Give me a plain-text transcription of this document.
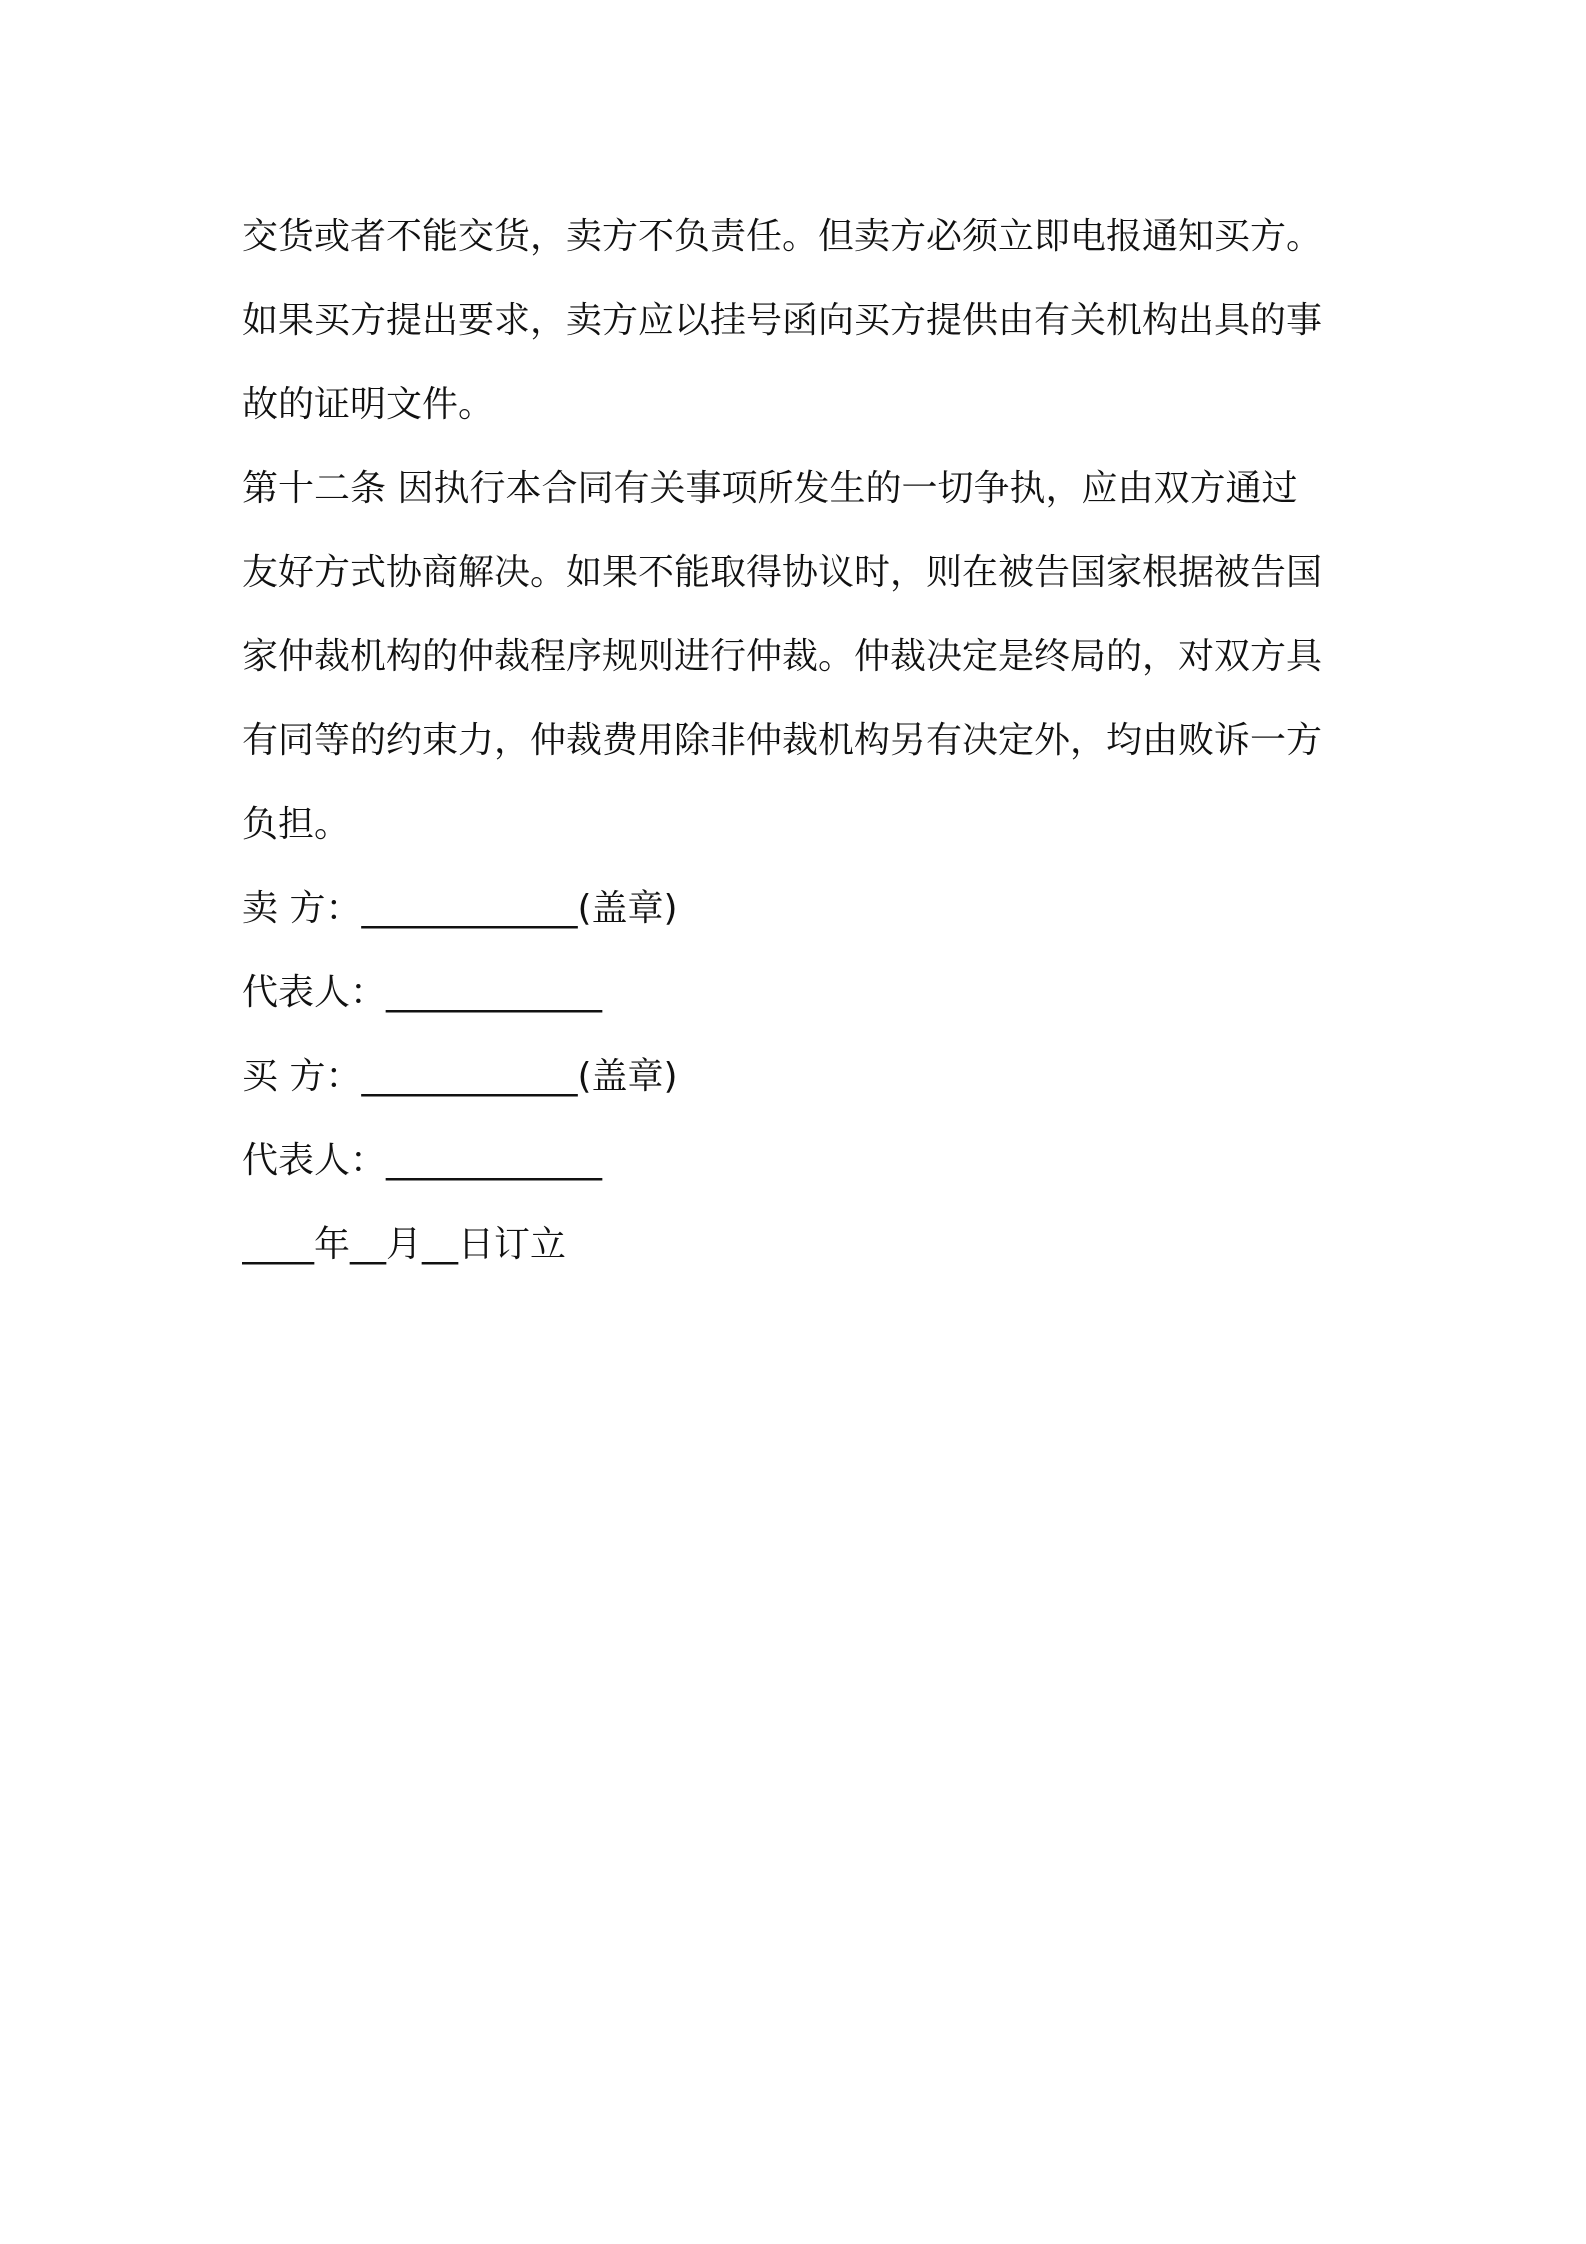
交货或者不能交货，卖方不负责任。但卖方必须立即电报通知买方。
如果买方提出要求，卖方应以挂号函向买方提供由有关机构出具的事
故的证明文件。
第十二条 因执行本合同有关事项所发生的一切争执，应由双方通过
友好方式协商解决。如果不能取得协议时，则在被告国家根据被告国
家仲裁机构的仲裁程序规则进行仲裁。仲裁决定是终局的，对双方具
有同等的约束力，仲裁费用除非仲裁机构另有决定外，均由败诉一方
负担。
卖 方：____________(盖章)
代表人：____________
买 方：____________(盖章)
代表人：____________
____年__月__日订立
